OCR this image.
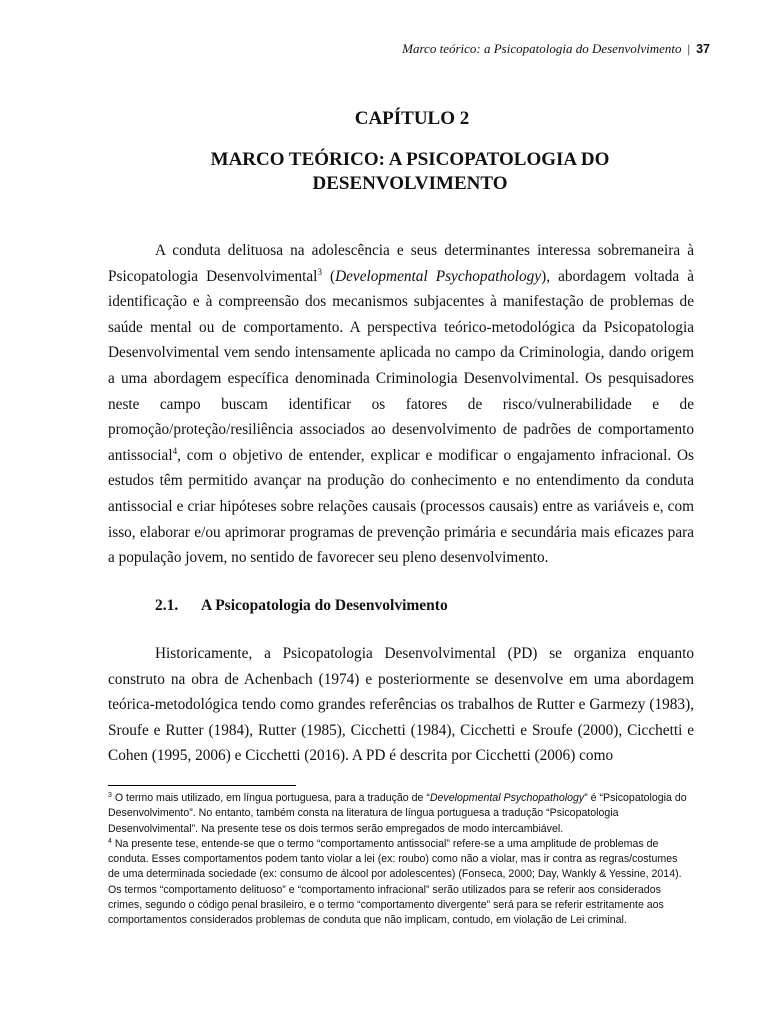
Marco teórico: a Psicopatologia do Desenvolvimento | 37
CAPÍTULO 2
MARCO TEÓRICO: A PSICOPATOLOGIA DO
DESENVOLVIMENTO

A conduta delituosa na adolescência e seus determinantes interessa sobremaneira à Psicopatologia Desenvolvimental$^3$ (Developmental Psychopathology), abordagem voltada à identificação e à compreensão dos mecanismos subjacentes à manifestação de problemas de saúde mental ou de comportamento. A perspectiva teórico-metodológica da Psicopatologia Desenvolvimental vem sendo intensamente aplicada no campo da Criminologia, dando origem a uma abordagem específica denominada Criminologia Desenvolvimental. Os pesquisadores neste campo buscam identificar os fatores de risco/vulnerabilidade e de promoção/proteção/resiliência associados ao desenvolvimento de padrões de comportamento antissocial$^4$, com o objetivo de entender, explicar e modificar o engajamento infracional. Os estudos têm permitido avançar na produção do conhecimento e no entendimento da conduta antissocial e criar hipóteses sobre relações causais (processos causais) entre as variáveis e, com isso, elaborar e/ou aprimorar programas de prevenção primária e secundária mais eficazes para a população jovem, no sentido de favorecer seu pleno desenvolvimento.

2.1. A Psicopatologia do Desenvolvimento

Historicamente, a Psicopatologia Desenvolvimental (PD) se organiza enquanto construto na obra de Achenbach (1974) e posteriormente se desenvolve em uma abordagem teórica-metodológica tendo como grandes referências os trabalhos de Rutter e Garmezy (1983), Sroufe e Rutter (1984), Rutter (1985), Cicchetti (1984), Cicchetti e Sroufe (2000), Cicchetti e Cohen (1995, 2006) e Cicchetti (2016). A PD é descrita por Cicchetti (2006) como

$^3$ O termo mais utilizado, em língua portuguesa, para a tradução de “Developmental Psychopathology” é “Psicopatologia do Desenvolvimento”. No entanto, também consta na literatura de língua portuguesa a tradução “Psicopatologia Desenvolvimental”. Na presente tese os dois termos serão empregados de modo intercambiável.

$^4$ Na presente tese, entende-se que o termo “comportamento antissocial” refere-se a uma amplitude de problemas de conduta. Esses comportamentos podem tanto violar a lei (ex: roubo) como não a violar, mas ir contra as regras/costumes de uma determinada sociedade (ex: consumo de álcool por adolescentes) (Fonseca, 2000; Day, Wankly & Yessine, 2014). Os termos “comportamento delituoso” e “comportamento infracional” serão utilizados para se referir aos considerados crimes, segundo o código penal brasileiro, e o termo “comportamento divergente” será para se referir estritamente aos comportamentos considerados problemas de conduta que não implicam, contudo, em violação de Lei criminal.
